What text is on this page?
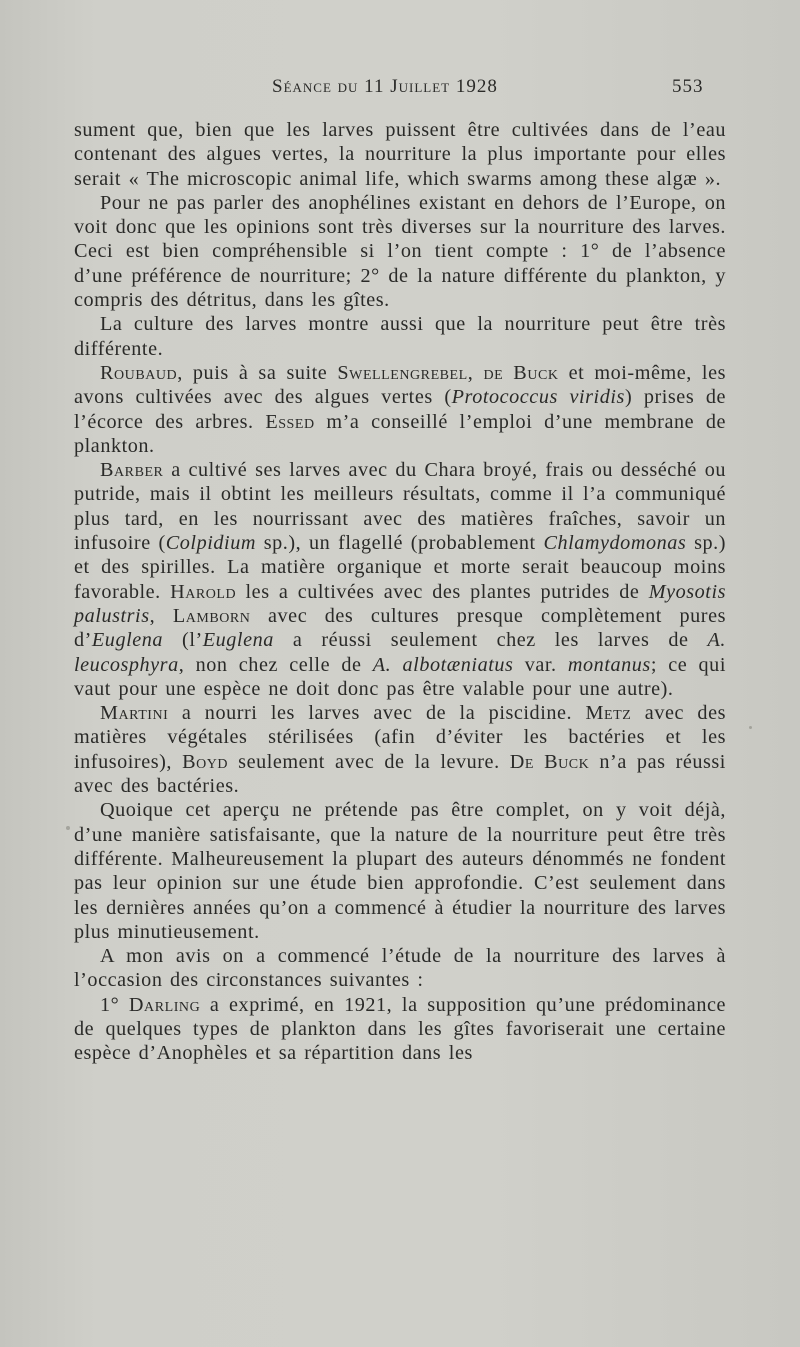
Séance du 11 Juillet 1928	553

sument que, bien que les larves puissent être cultivées dans de l’eau contenant des algues vertes, la nourriture la plus importante pour elles serait « The microscopic animal life, which swarms among these algæ ».

Pour ne pas parler des anophélines existant en dehors de l’Europe, on voit donc que les opinions sont très diverses sur la nourriture des larves. Ceci est bien compréhensible si l’on tient compte : 1° de l’absence d’une préférence de nourriture; 2° de la nature différente du plankton, y compris des détritus, dans les gîtes.

La culture des larves montre aussi que la nourriture peut être très différente.

Roubaud, puis à sa suite Swellengrebel, de Buck et moi-même, les avons cultivées avec des algues vertes (Protococcus viridis) prises de l’écorce des arbres. Essed m’a conseillé l’emploi d’une membrane de plankton.

Barber a cultivé ses larves avec du Chara broyé, frais ou desséché ou putride, mais il obtint les meilleurs résultats, comme il l’a communiqué plus tard, en les nourrissant avec des matières fraîches, savoir un infusoire (Colpidium sp.), un flagellé (probablement Chlamydomonas sp.) et des spirilles. La matière organique et morte serait beaucoup moins favorable. Harold les a cultivées avec des plantes putrides de Myosotis palustris, Lamborn avec des cultures presque complètement pures d’Euglena (l’Euglena a réussi seulement chez les larves de A. leucosphyra, non chez celle de A. albotæniatus var. montanus; ce qui vaut pour une espèce ne doit donc pas être valable pour une autre).

Martini a nourri les larves avec de la piscidine. Metz avec des matières végétales stérilisées (afin d’éviter les bactéries et les infusoires), Boyd seulement avec de la levure. De Buck n’a pas réussi avec des bactéries.

Quoique cet aperçu ne prétende pas être complet, on y voit déjà, d’une manière satisfaisante, que la nature de la nourriture peut être très différente. Malheureusement la plupart des auteurs dénommés ne fondent pas leur opinion sur une étude bien approfondie. C’est seulement dans les dernières années qu’on a commencé à étudier la nourriture des larves plus minutieusement.

A mon avis on a commencé l’étude de la nourriture des larves à l’occasion des circonstances suivantes :

1° Darling a exprimé, en 1921, la supposition qu’une prédominance de quelques types de plankton dans les gîtes favoriserait une certaine espèce d’Anophèles et sa répartition dans les
